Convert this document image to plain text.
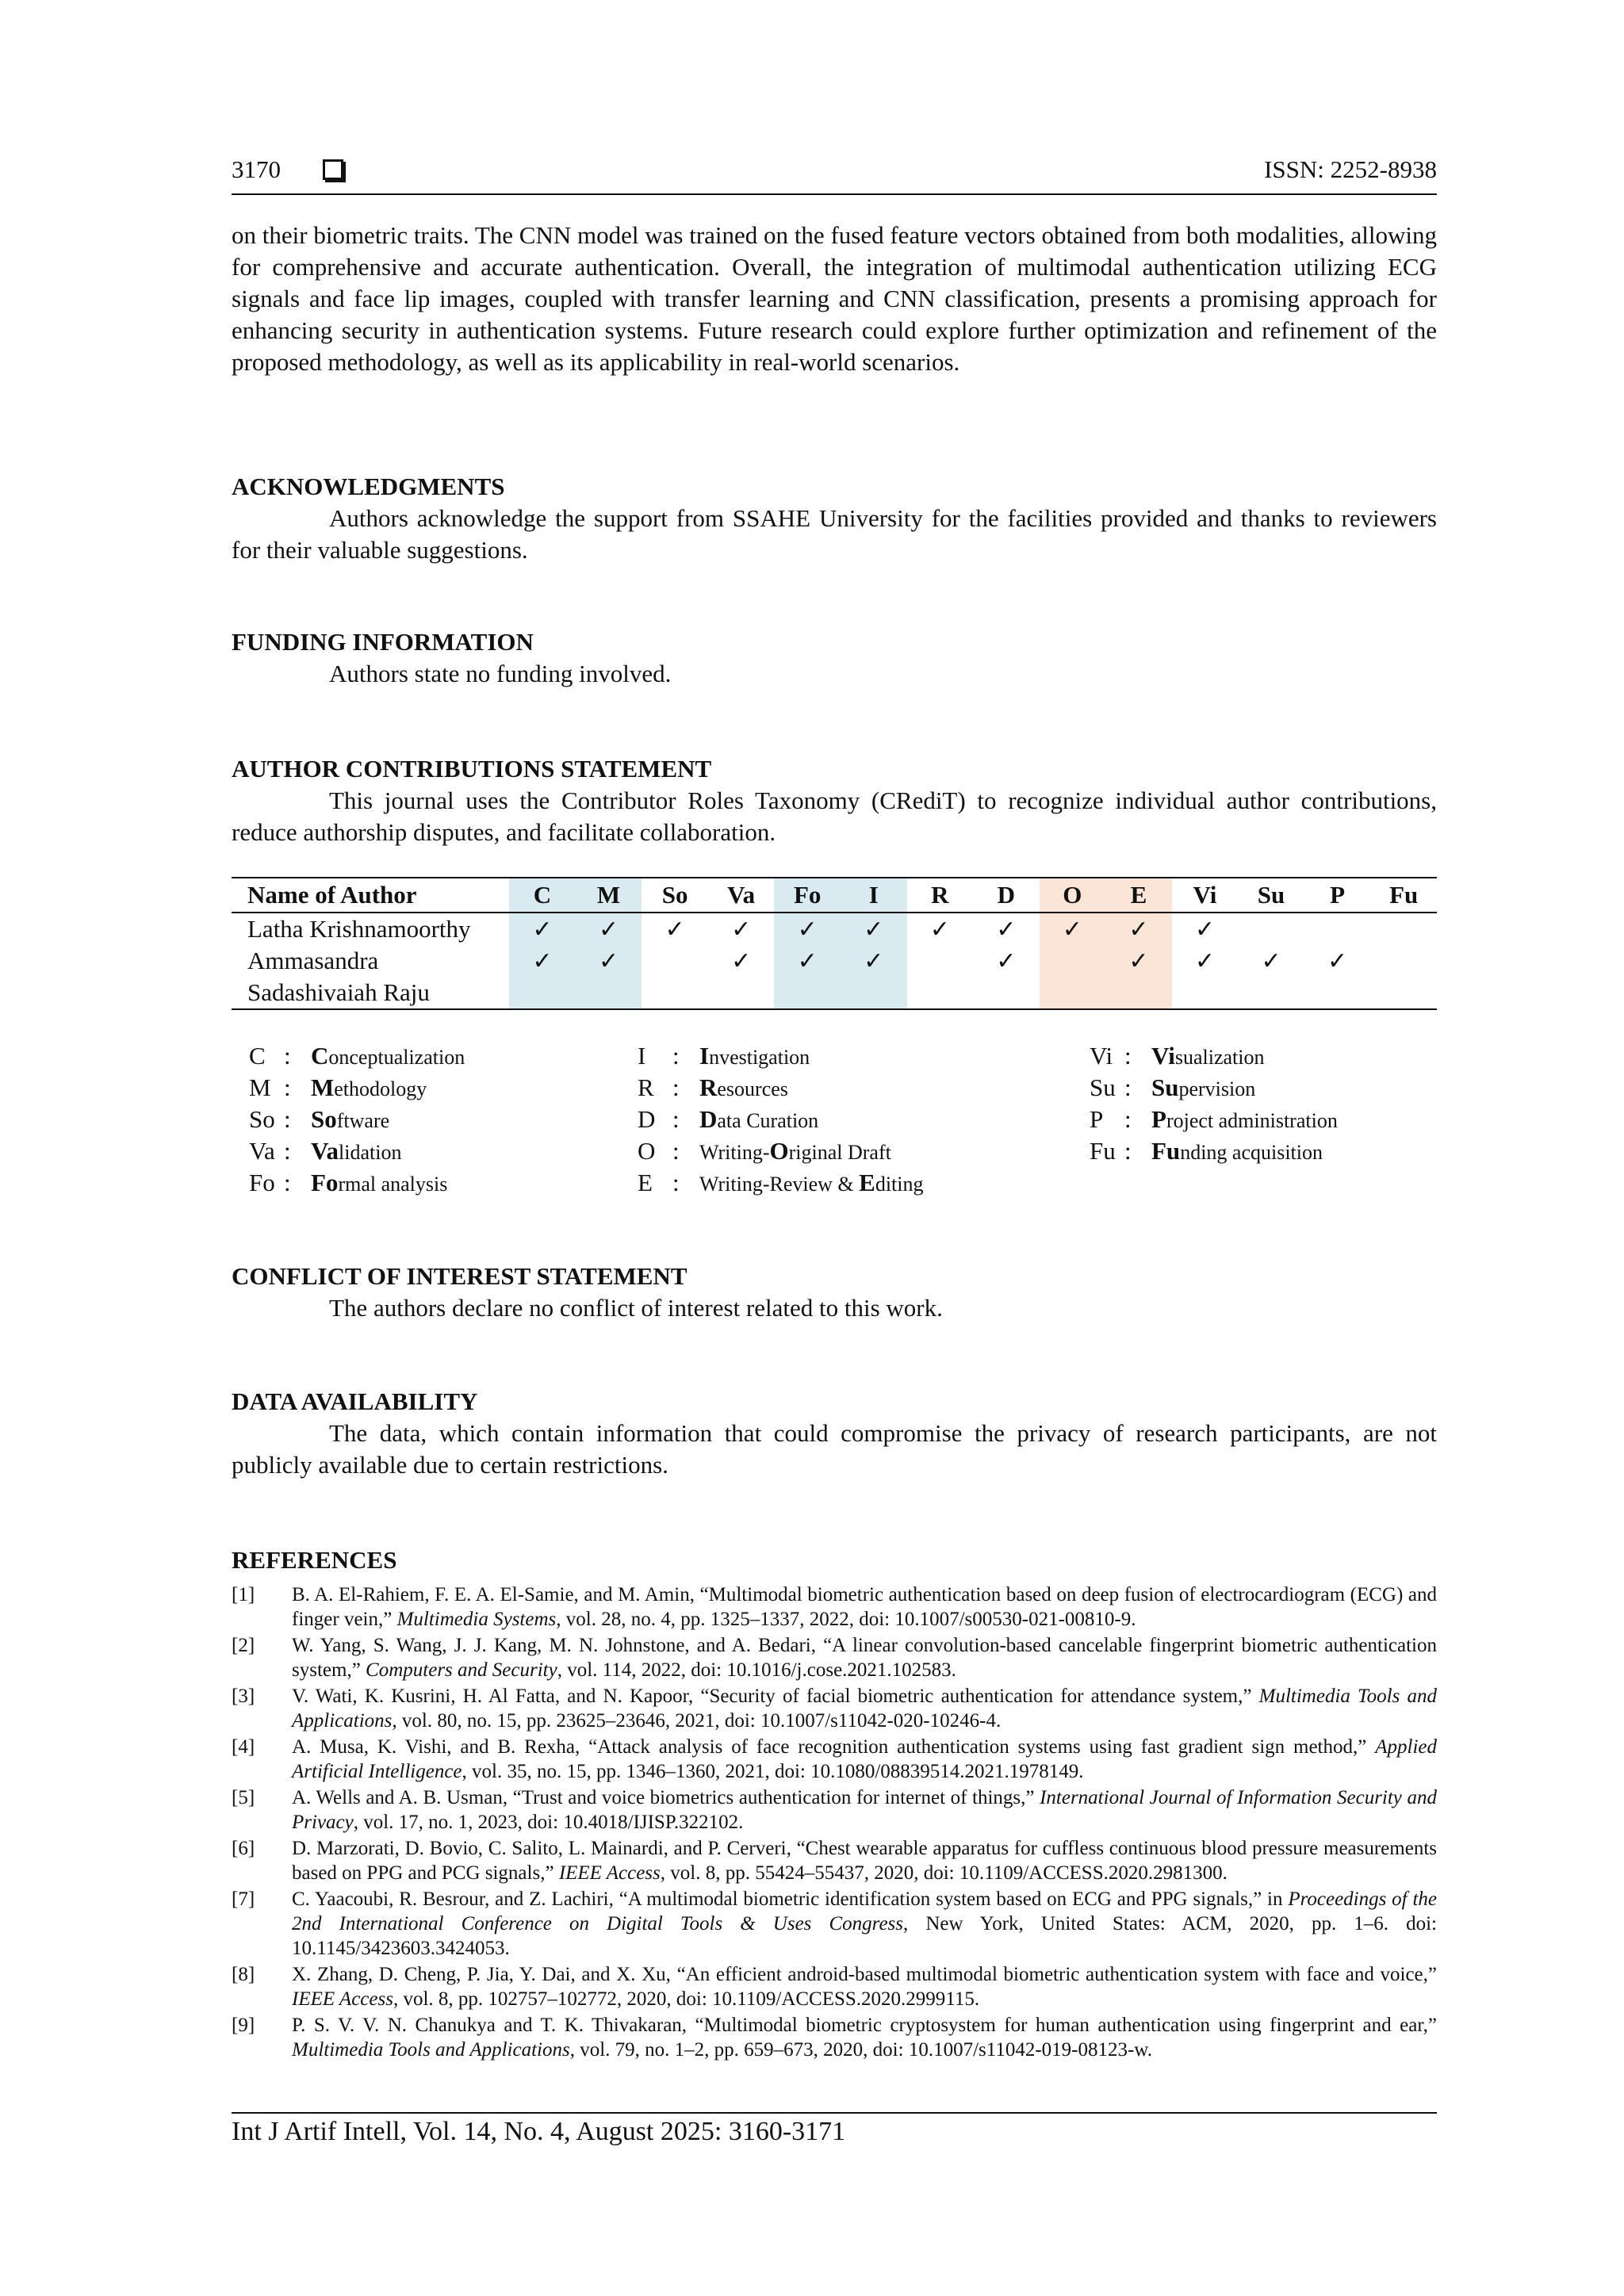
3170	ISSN: 2252-8938
on their biometric traits. The CNN model was trained on the fused feature vectors obtained from both modalities, allowing for comprehensive and accurate authentication. Overall, the integration of multimodal authentication utilizing ECG signals and face lip images, coupled with transfer learning and CNN classification, presents a promising approach for enhancing security in authentication systems. Future research could explore further optimization and refinement of the proposed methodology, as well as its applicability in real-world scenarios.
ACKNOWLEDGMENTS
Authors acknowledge the support from SSAHE University for the facilities provided and thanks to reviewers for their valuable suggestions.
FUNDING INFORMATION
Authors state no funding involved.
AUTHOR CONTRIBUTIONS STATEMENT
This journal uses the Contributor Roles Taxonomy (CRediT) to recognize individual author contributions, reduce authorship disputes, and facilitate collaboration.
Name of Author	C	M	So	Va	Fo	I	R	D	O	E	Vi	Su	P	Fu
Latha Krishnamoorthy	✓	✓	✓	✓	✓	✓	✓	✓	✓	✓	✓			
Ammasandra	✓	✓		✓	✓	✓		✓		✓	✓	✓	✓	
Sadashivaiah Raju														
C : Conceptualization
M : Methodology
So : Software
Va : Validation
Fo : Formal analysis
I : Investigation
R : Resources
D : Data Curation
O : Writing-Original Draft
E : Writing-Review & Editing
Vi : Visualization
Su : Supervision
P : Project administration
Fu : Funding acquisition
CONFLICT OF INTEREST STATEMENT
The authors declare no conflict of interest related to this work.
DATA AVAILABILITY
The data, which contain information that could compromise the privacy of research participants, are not publicly available due to certain restrictions.
REFERENCES
[1] B. A. El-Rahiem, F. E. A. El-Samie, and M. Amin, “Multimodal biometric authentication based on deep fusion of electrocardiogram (ECG) and finger vein,” Multimedia Systems, vol. 28, no. 4, pp. 1325–1337, 2022, doi: 10.1007/s00530-021-00810-9.
[2] W. Yang, S. Wang, J. J. Kang, M. N. Johnstone, and A. Bedari, “A linear convolution-based cancelable fingerprint biometric authentication system,” Computers and Security, vol. 114, 2022, doi: 10.1016/j.cose.2021.102583.
[3] V. Wati, K. Kusrini, H. Al Fatta, and N. Kapoor, “Security of facial biometric authentication for attendance system,” Multimedia Tools and Applications, vol. 80, no. 15, pp. 23625–23646, 2021, doi: 10.1007/s11042-020-10246-4.
[4] A. Musa, K. Vishi, and B. Rexha, “Attack analysis of face recognition authentication systems using fast gradient sign method,” Applied Artificial Intelligence, vol. 35, no. 15, pp. 1346–1360, 2021, doi: 10.1080/08839514.2021.1978149.
[5] A. Wells and A. B. Usman, “Trust and voice biometrics authentication for internet of things,” International Journal of Information Security and Privacy, vol. 17, no. 1, 2023, doi: 10.4018/IJISP.322102.
[6] D. Marzorati, D. Bovio, C. Salito, L. Mainardi, and P. Cerveri, “Chest wearable apparatus for cuffless continuous blood pressure measurements based on PPG and PCG signals,” IEEE Access, vol. 8, pp. 55424–55437, 2020, doi: 10.1109/ACCESS.2020.2981300.
[7] C. Yaacoubi, R. Besrour, and Z. Lachiri, “A multimodal biometric identification system based on ECG and PPG signals,” in Proceedings of the 2nd International Conference on Digital Tools & Uses Congress, New York, United States: ACM, 2020, pp. 1–6. doi: 10.1145/3423603.3424053.
[8] X. Zhang, D. Cheng, P. Jia, Y. Dai, and X. Xu, “An efficient android-based multimodal biometric authentication system with face and voice,” IEEE Access, vol. 8, pp. 102757–102772, 2020, doi: 10.1109/ACCESS.2020.2999115.
[9] P. S. V. V. N. Chanukya and T. K. Thivakaran, “Multimodal biometric cryptosystem for human authentication using fingerprint and ear,” Multimedia Tools and Applications, vol. 79, no. 1–2, pp. 659–673, 2020, doi: 10.1007/s11042-019-08123-w.
Int J Artif Intell, Vol. 14, No. 4, August 2025: 3160-3171
